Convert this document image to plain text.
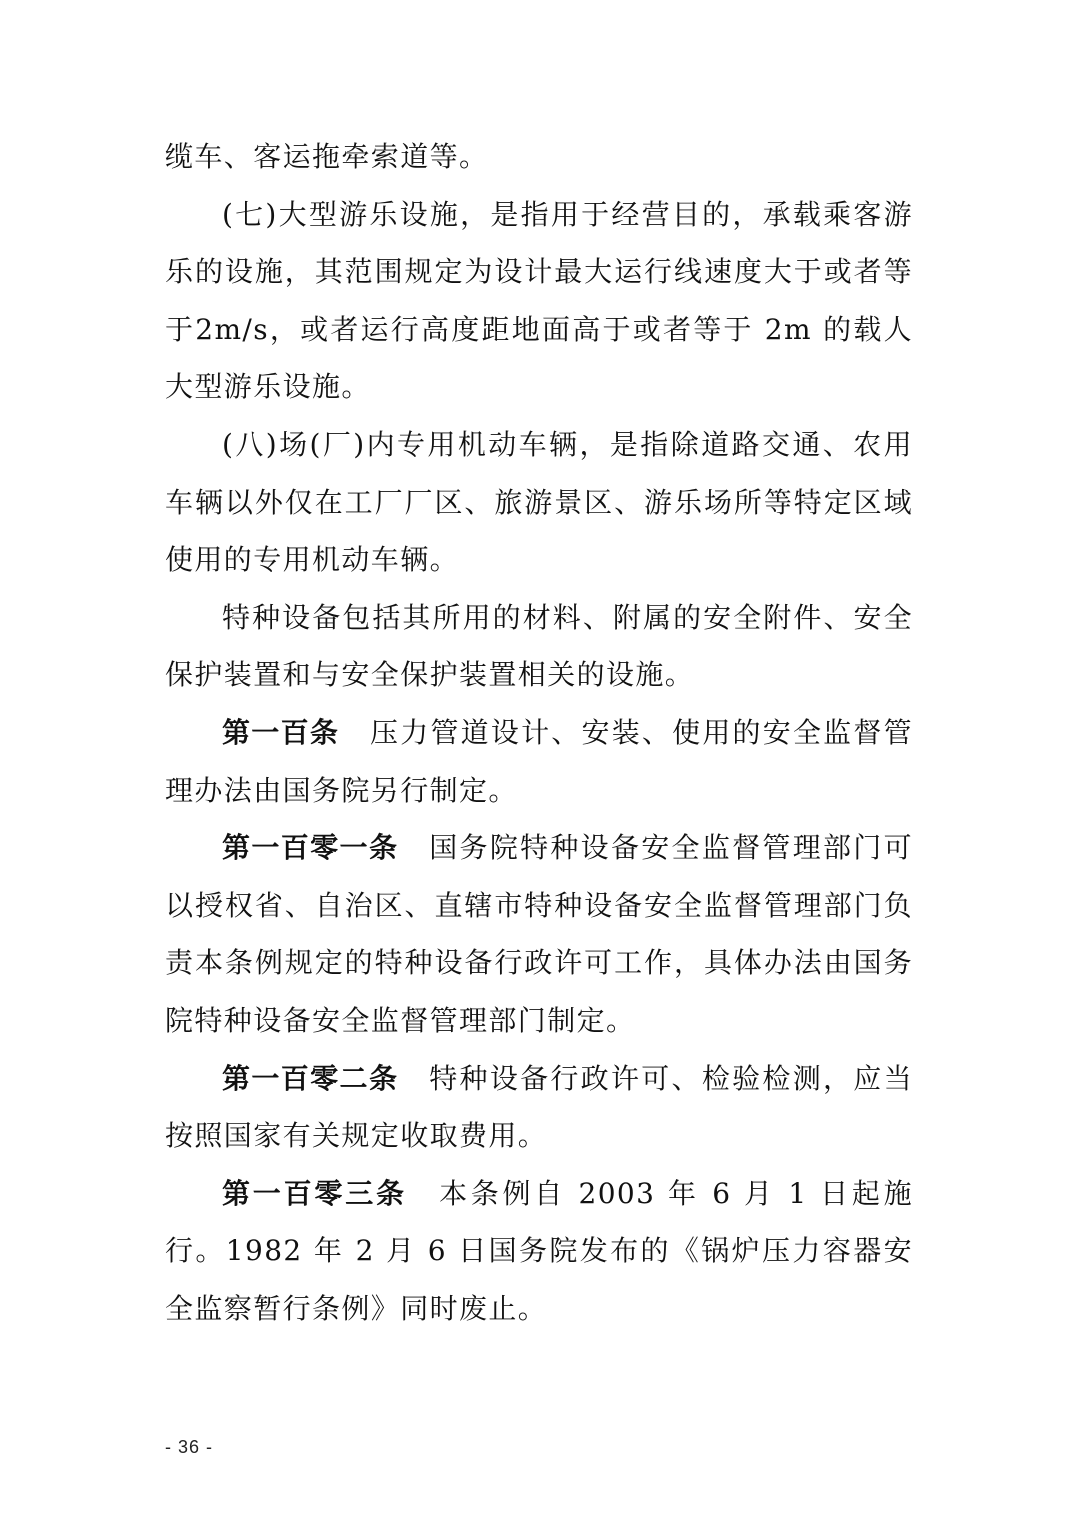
缆车、客运拖牵索道等。

(七)大型游乐设施，是指用于经营目的，承载乘客游乐的设施，其范围规定为设计最大运行线速度大于或者等于2m/s，或者运行高度距地面高于或者等于 2m 的载人大型游乐设施。

(八)场(厂)内专用机动车辆，是指除道路交通、农用车辆以外仅在工厂厂区、旅游景区、游乐场所等特定区域使用的专用机动车辆。

特种设备包括其所用的材料、附属的安全附件、安全保护装置和与安全保护装置相关的设施。

第一百条 压力管道设计、安装、使用的安全监督管理办法由国务院另行制定。

第一百零一条 国务院特种设备安全监督管理部门可以授权省、自治区、直辖市特种设备安全监督管理部门负责本条例规定的特种设备行政许可工作，具体办法由国务院特种设备安全监督管理部门制定。

第一百零二条 特种设备行政许可、检验检测，应当按照国家有关规定收取费用。

第一百零三条 本条例自 2003 年 6 月 1 日起施行。1982 年 2 月 6 日国务院发布的《锅炉压力容器安全监察暂行条例》同时废止。

- 36 -
